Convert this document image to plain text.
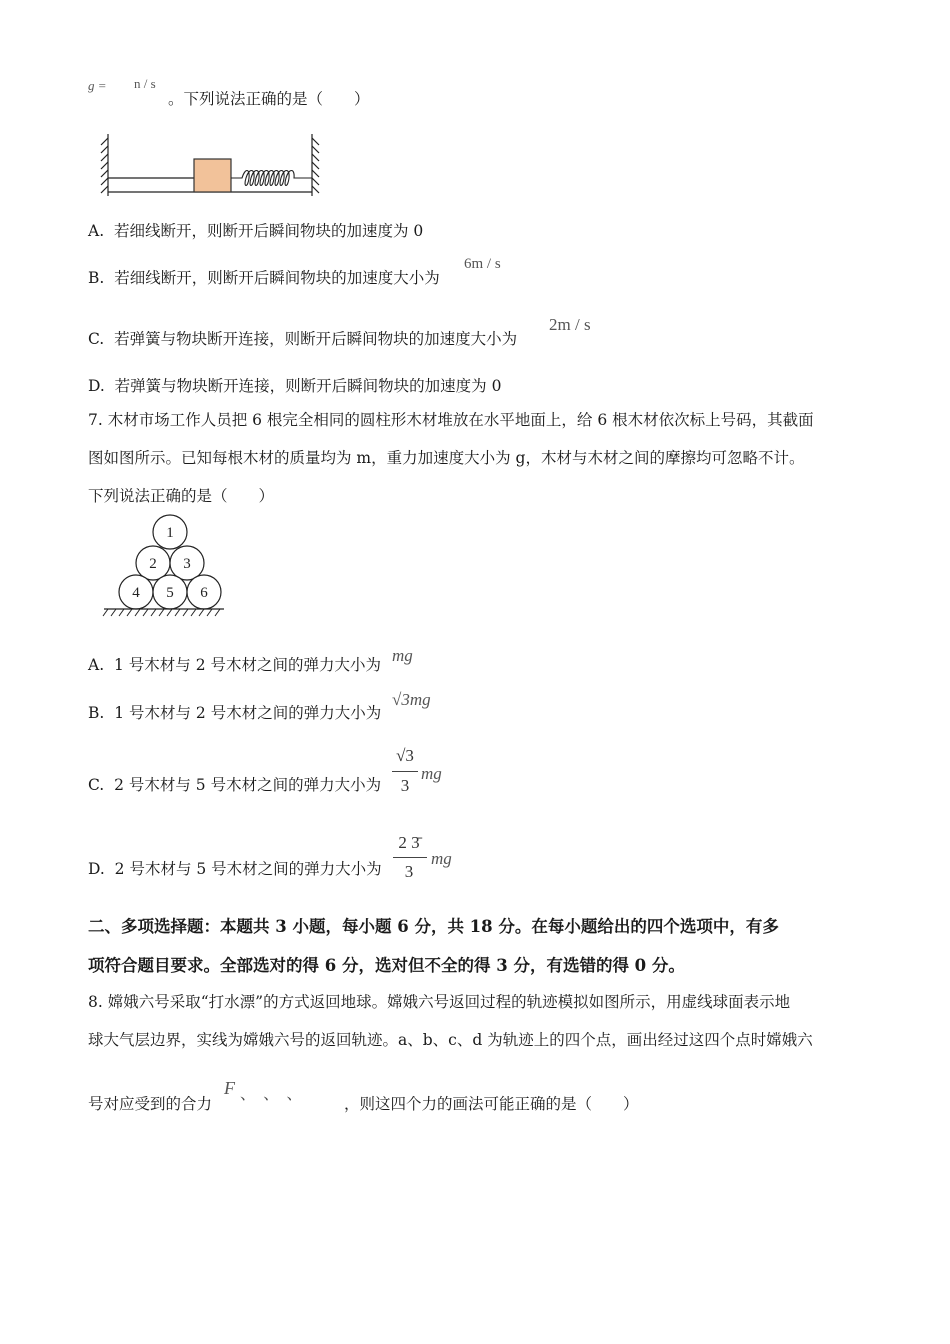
g = n / s
。下列说法正确的是（　　）
A. 若细线断开，则断开后瞬间物块的加速度为 0
B. 若细线断开，则断开后瞬间物块的加速度大小为
6m / s
C. 若弹簧与物块断开连接，则断开后瞬间物块的加速度大小为
2m / s
D. 若弹簧与物块断开连接，则断开后瞬间物块的加速度为 0
7. 木材市场工作人员把 6 根完全相同的圆柱形木材堆放在水平地面上，给 6 根木材依次标上号码，其截面
图如图所示。已知每根木材的质量均为 m，重力加速度大小为 g，木材与木材之间的摩擦均可忽略不计。
下列说法正确的是（　　）
1
2 3
4 5 6
A. 1 号木材与 2 号木材之间的弹力大小为 mg
B. 1 号木材与 2 号木材之间的弹力大小为
√3mg
C. 2 号木材与 5 号木材之间的弹力大小为
√3
3
mg
D. 2 号木材与 5 号木材之间的弹力大小为
2 3̄
3
mg
二、多项选择题：本题共 3 小题，每小题 6 分，共 18 分。在每小题给出的四个选项中，有多
项符合题目要求。全部选对的得 6 分，选对但不全的得 3 分，有选错的得 0 分。
8. 嫦娥六号采取“打水漂”的方式返回地球。嫦娥六号返回过程的轨迹模拟如图所示，用虚线球面表示地
球大气层边界，实线为嫦娥六号的返回轨迹。a、b、c、d 为轨迹上的四个点，画出经过这四个点时嫦娥六
号对应受到的合力
F 、　、　、
，则这四个力的画法可能正确的是（　　）
